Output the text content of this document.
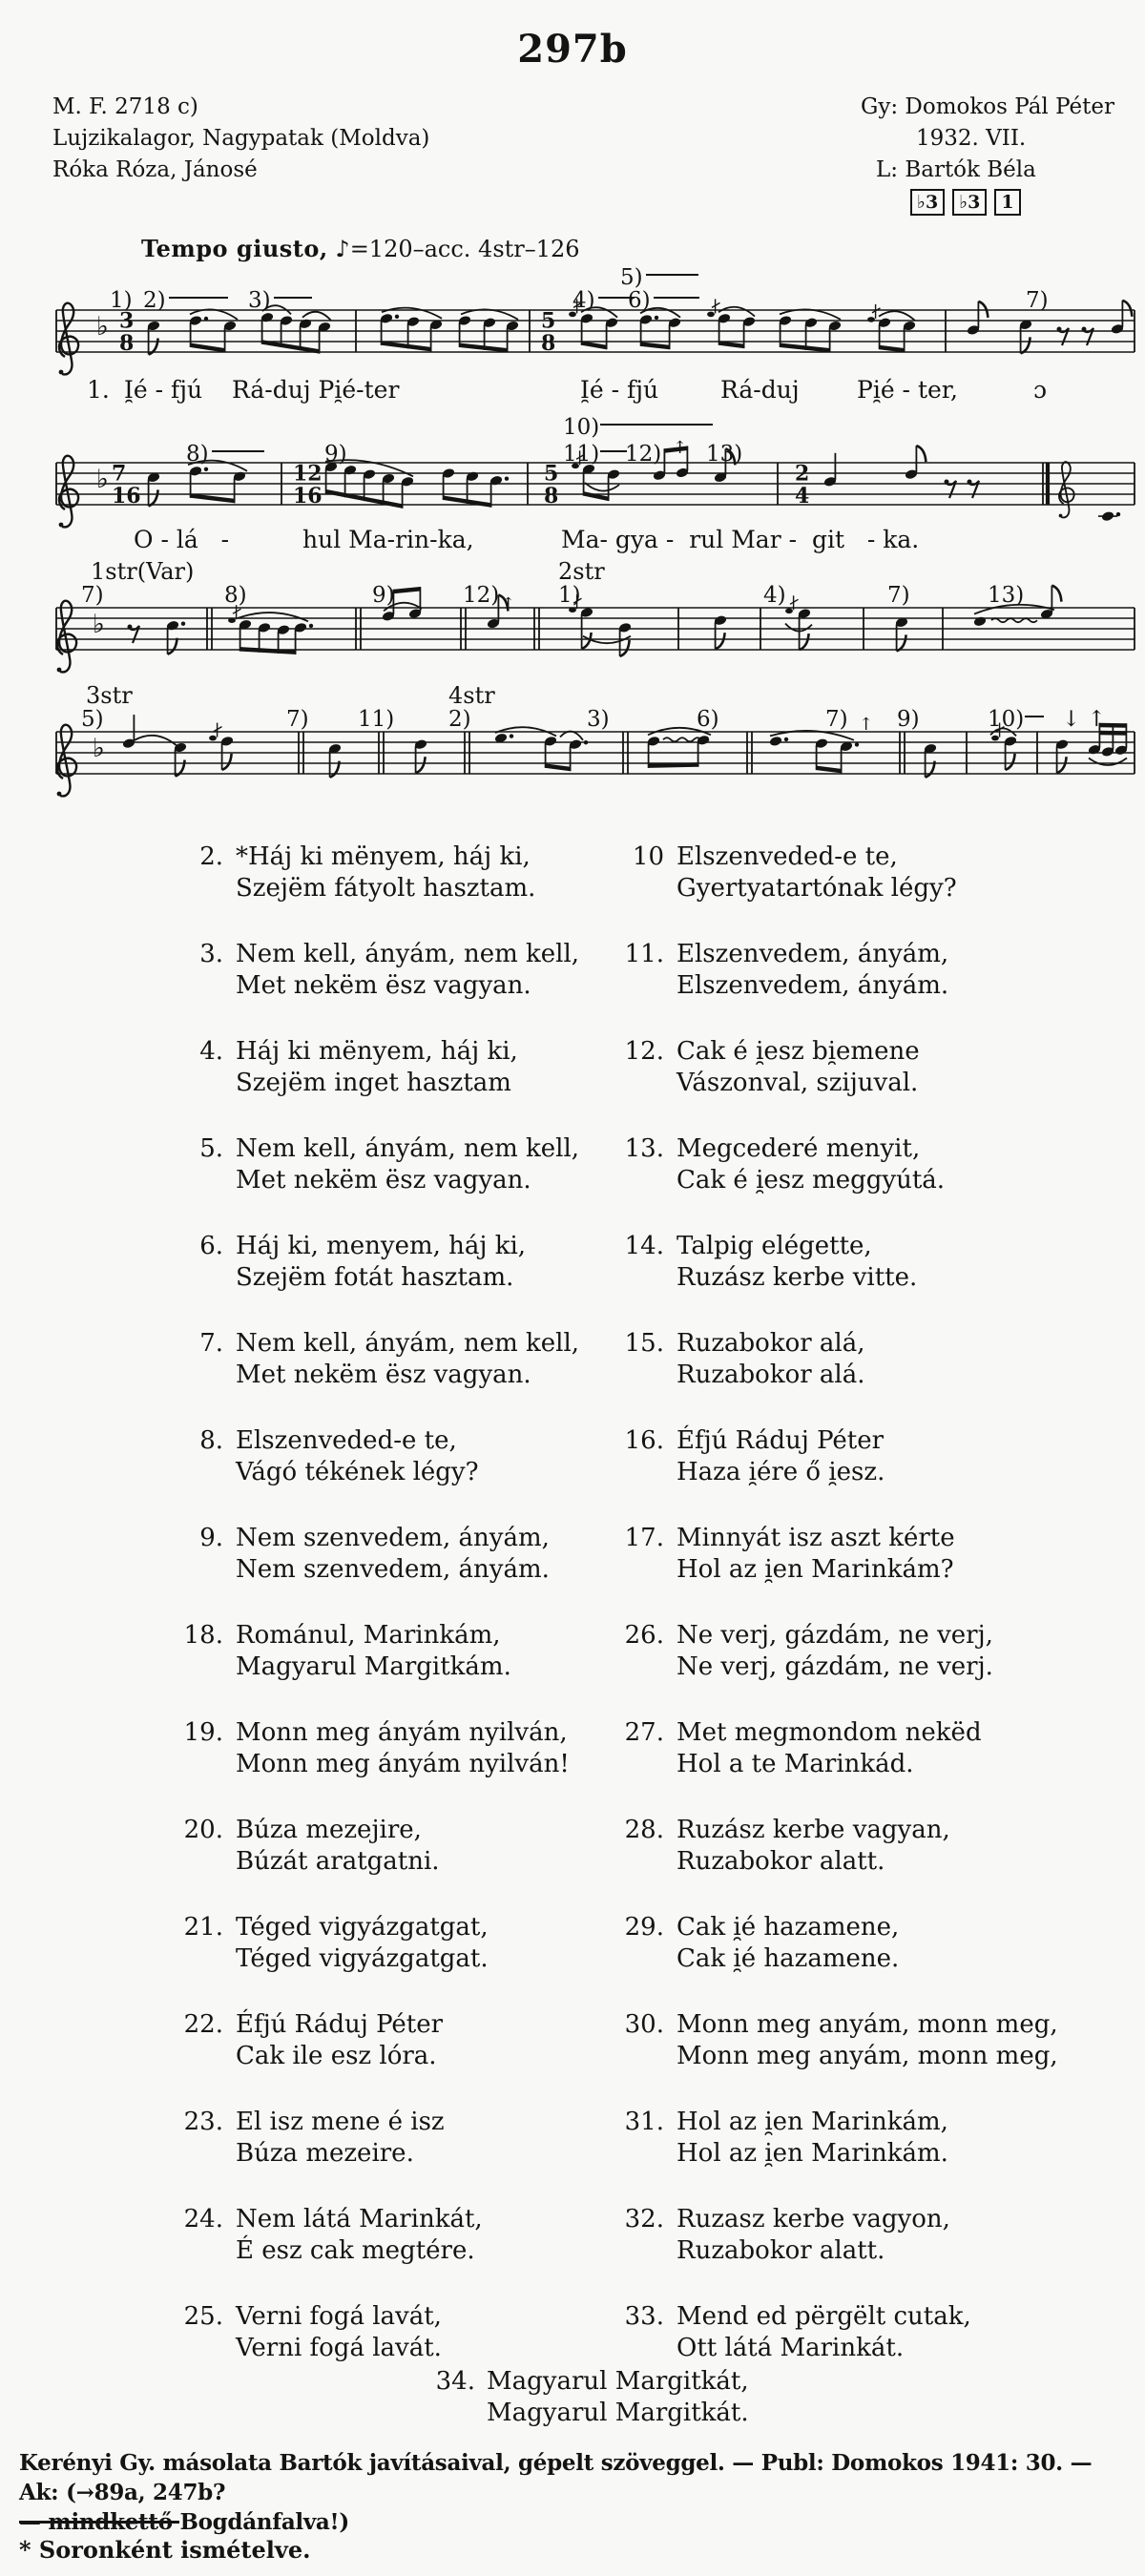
297b
M. F. 2718 c)
Lujzikalagor, Nagypatak (Moldva)
Róka Róza, Jánosé
Gy: Domokos Pál Péter
1932. VII.
L: Bartók Béla
♭3	♭3	1
Tempo giusto, ♪=120–acc. 4str–126
3
8
5
8
♭
1) 2)	3)	4)
5)
6)	7)
1. I̯é - fjú Rá-duj Pi̯é-ter	I̯é - fjú	Rá-duj Pi̯é - ter,	ɔ
7
16
12
16
5
8
2
4
♭
8)	9)
10)
11) 12) ↑ 13)
O - lá   -	hul Ma-rin-ka,	Ma- gya -  rul Mar -  git   - ka.
♭
1str(Var)	2str
7)	8)	9)	12) ↑ 1)	4)	7)	13)
♭
3str	4str
5)	7) 11) 2)	3)	6)	7) ↑ 9)	10) ↓ ↑
2. *Háj ki mënyem, háj ki,
Szejëm fátyolt hasztam.
3. Nem kell, ányám, nem kell,
Met nekëm ësz vagyan.
4. Háj ki mënyem, háj ki,
Szejëm inget hasztam
5. Nem kell, ányám, nem kell,
Met nekëm ësz vagyan.
6. Háj ki, menyem, háj ki,
Szejëm fotát hasztam.
7. Nem kell, ányám, nem kell,
Met nekëm ësz vagyan.
8. Elszenveded-e te,
Vágó tékének légy?
9. Nem szenvedem, ányám,
Nem szenvedem, ányám.
18. Románul, Marinkám,
Magyarul Margitkám.
19. Monn meg ányám nyilván,
Monn meg ányám nyilván!
20. Búza mezejire,
Búzát aratgatni.
21. Téged vigyázgatgat,
Téged vigyázgatgat.
22. Éfjú Ráduj Péter
Cak ile esz lóra.
23. El isz mene é isz
Búza mezeire.
24. Nem látá Marinkát,
É esz cak megtére.
25. Verni fogá lavát,
Verni fogá lavát.
10 Elszenveded-e te,
Gyertyatartónak légy?
11. Elszenvedem, ányám,
Elszenvedem, ányám.
12. Cak é i̯esz bi̯emene
Vászonval, szijuval.
13. Megcederé menyit,
Cak é i̯esz meggyútá.
14. Talpig elégette,
Ruzász kerbe vitte.
15. Ruzabokor alá,
Ruzabokor alá.
16. Éfjú Ráduj Péter
Haza i̯ére ő i̯esz.
17. Minnyát isz aszt kérte
Hol az i̯en Marinkám?
26. Ne verj, gázdám, ne verj,
Ne verj, gázdám, ne verj.
27. Met megmondom nekëd
Hol a te Marinkád.
28. Ruzász kerbe vagyan,
Ruzabokor alatt.
29. Cak i̯é hazamene,
Cak i̯é hazamene.
30. Monn meg anyám, monn meg,
Monn meg anyám, monn meg,
31. Hol az i̯en Marinkám,
Hol az i̯en Marinkám.
32. Ruzasz kerbe vagyon,
Ruzabokor alatt.
33. Mend ed përgëlt cutak,
Ott látá Marinkát.
34. Magyarul Margitkát,
Magyarul Margitkát.
Kerényi Gy. másolata Bartók javításaival, gépelt szöveggel. — Publ: Domokos 1941: 30. — Ak: (→89a, 247b?
— mindkettő Bogdánfalva!)
* Soronként ismételve.
